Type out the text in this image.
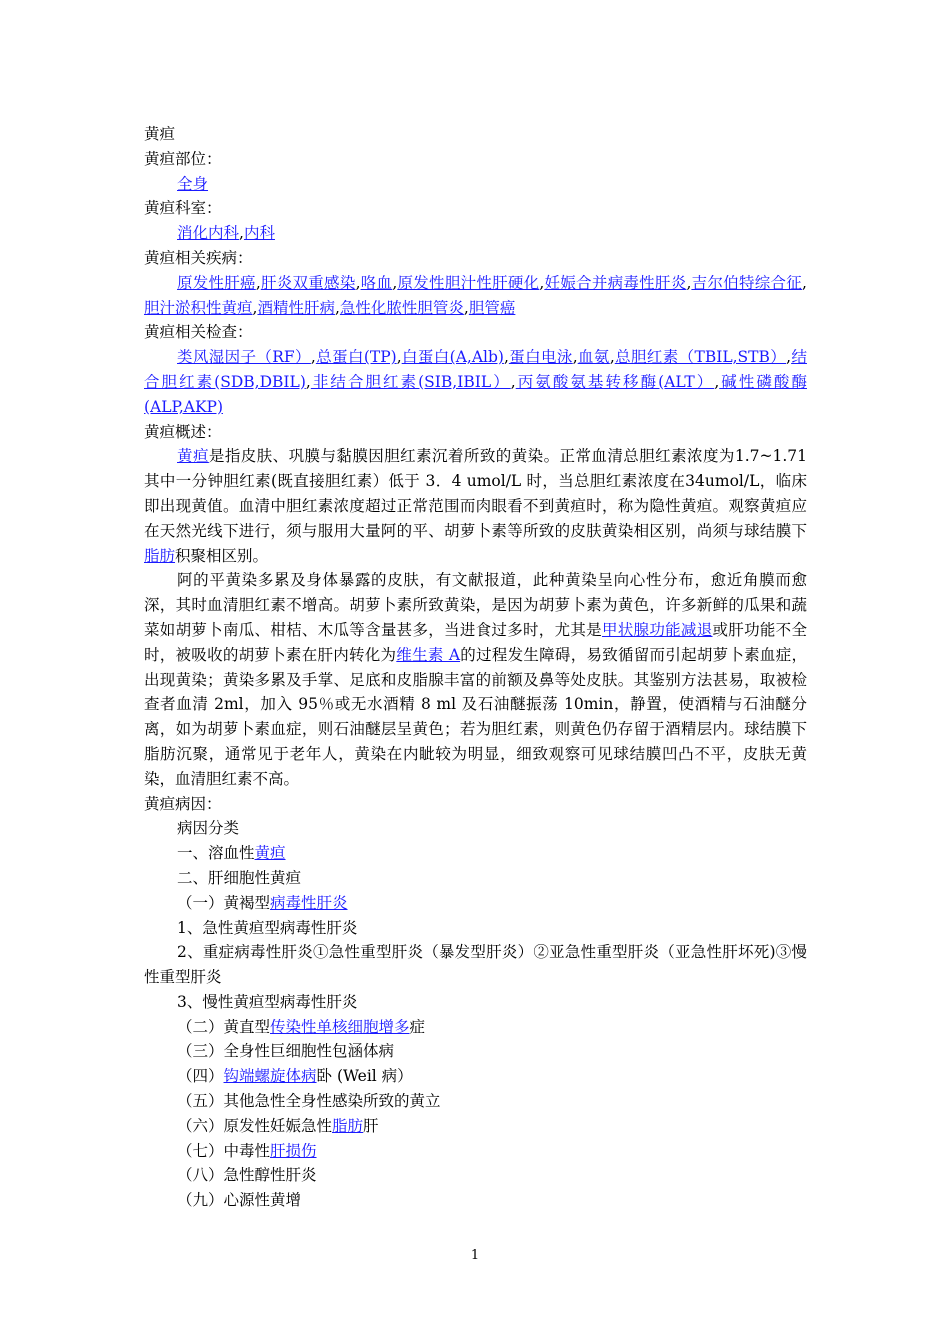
黄疸
黄疸部位：
全身
黄疸科室：
消化内科,内科
黄疸相关疾病：
原发性肝癌,肝炎双重感染,咯血,原发性胆汁性肝硬化,妊娠合并病毒性肝炎,吉尔伯特综合征,胆汁淤积性黄疸,酒精性肝病,急性化脓性胆管炎,胆管癌
黄疸相关检查：
类风湿因子（RF）,总蛋白(TP),白蛋白(A,Alb),蛋白电泳,血氨,总胆红素（TBIL,STB）,结合胆红素(SDB,DBIL),非结合胆红素(SIB,IBIL）,丙氨酸氨基转移酶(ALT）,碱性磷酸酶(ALP,AKP)
黄疸概述：
黄疸是指皮肤、巩膜与黏膜因胆红素沉着所致的黄染。正常血清总胆红素浓度为1.7~1.71 其中一分钟胆红素(既直接胆红素）低于 3．4 umol/L 时，当总胆红素浓度在34umol/L，临床即出现黄值。血清中胆红素浓度超过正常范围而肉眼看不到黄疸时，称为隐性黄疸。观察黄疸应在天然光线下进行，须与服用大量阿的平、胡萝卜素等所致的皮肤黄染相区别，尚须与球结膜下脂肪积聚相区别。
阿的平黄染多累及身体暴露的皮肤，有文献报道，此种黄染呈向心性分布，愈近角膜而愈深，其时血清胆红素不增高。胡萝卜素所致黄染，是因为胡萝卜素为黄色，许多新鲜的瓜果和蔬菜如胡萝卜南瓜、柑桔、木瓜等含量甚多，当进食过多时，尤其是甲状腺功能减退或肝功能不全时，被吸收的胡萝卜素在肝内转化为维生素 A的过程发生障碍，易致循留而引起胡萝卜素血症，出现黄染；黄染多累及手掌、足底和皮脂腺丰富的前额及鼻等处皮肤。其鉴别方法甚易，取被检查者血清 2ml，加入 95％或无水酒精 8 ml 及石油醚振荡 10min，静置，使酒精与石油醚分离，如为胡萝卜素血症，则石油醚层呈黄色；若为胆红素，则黄色仍存留于酒精层内。球结膜下脂肪沉聚，通常见于老年人，黄染在内眦较为明显，细致观察可见球结膜凹凸不平，皮肤无黄染，血清胆红素不高。
黄疸病因：
病因分类
一、溶血性黄疸
二、肝细胞性黄疸
（一）黄褐型病毒性肝炎
1、急性黄疸型病毒性肝炎
2、重症病毒性肝炎①急性重型肝炎（暴发型肝炎）②亚急性重型肝炎（亚急性肝坏死)③慢性重型肝炎
3、慢性黄疸型病毒性肝炎
（二）黄直型传染性单核细胞增多症
（三）全身性巨细胞性包涵体病
（四）钩端螺旋体病卧 (Weil 病）
（五）其他急性全身性感染所致的黄立
（六）原发性妊娠急性脂肪肝
（七）中毒性肝损伤
（八）急性醇性肝炎
（九）心源性黄增
1
